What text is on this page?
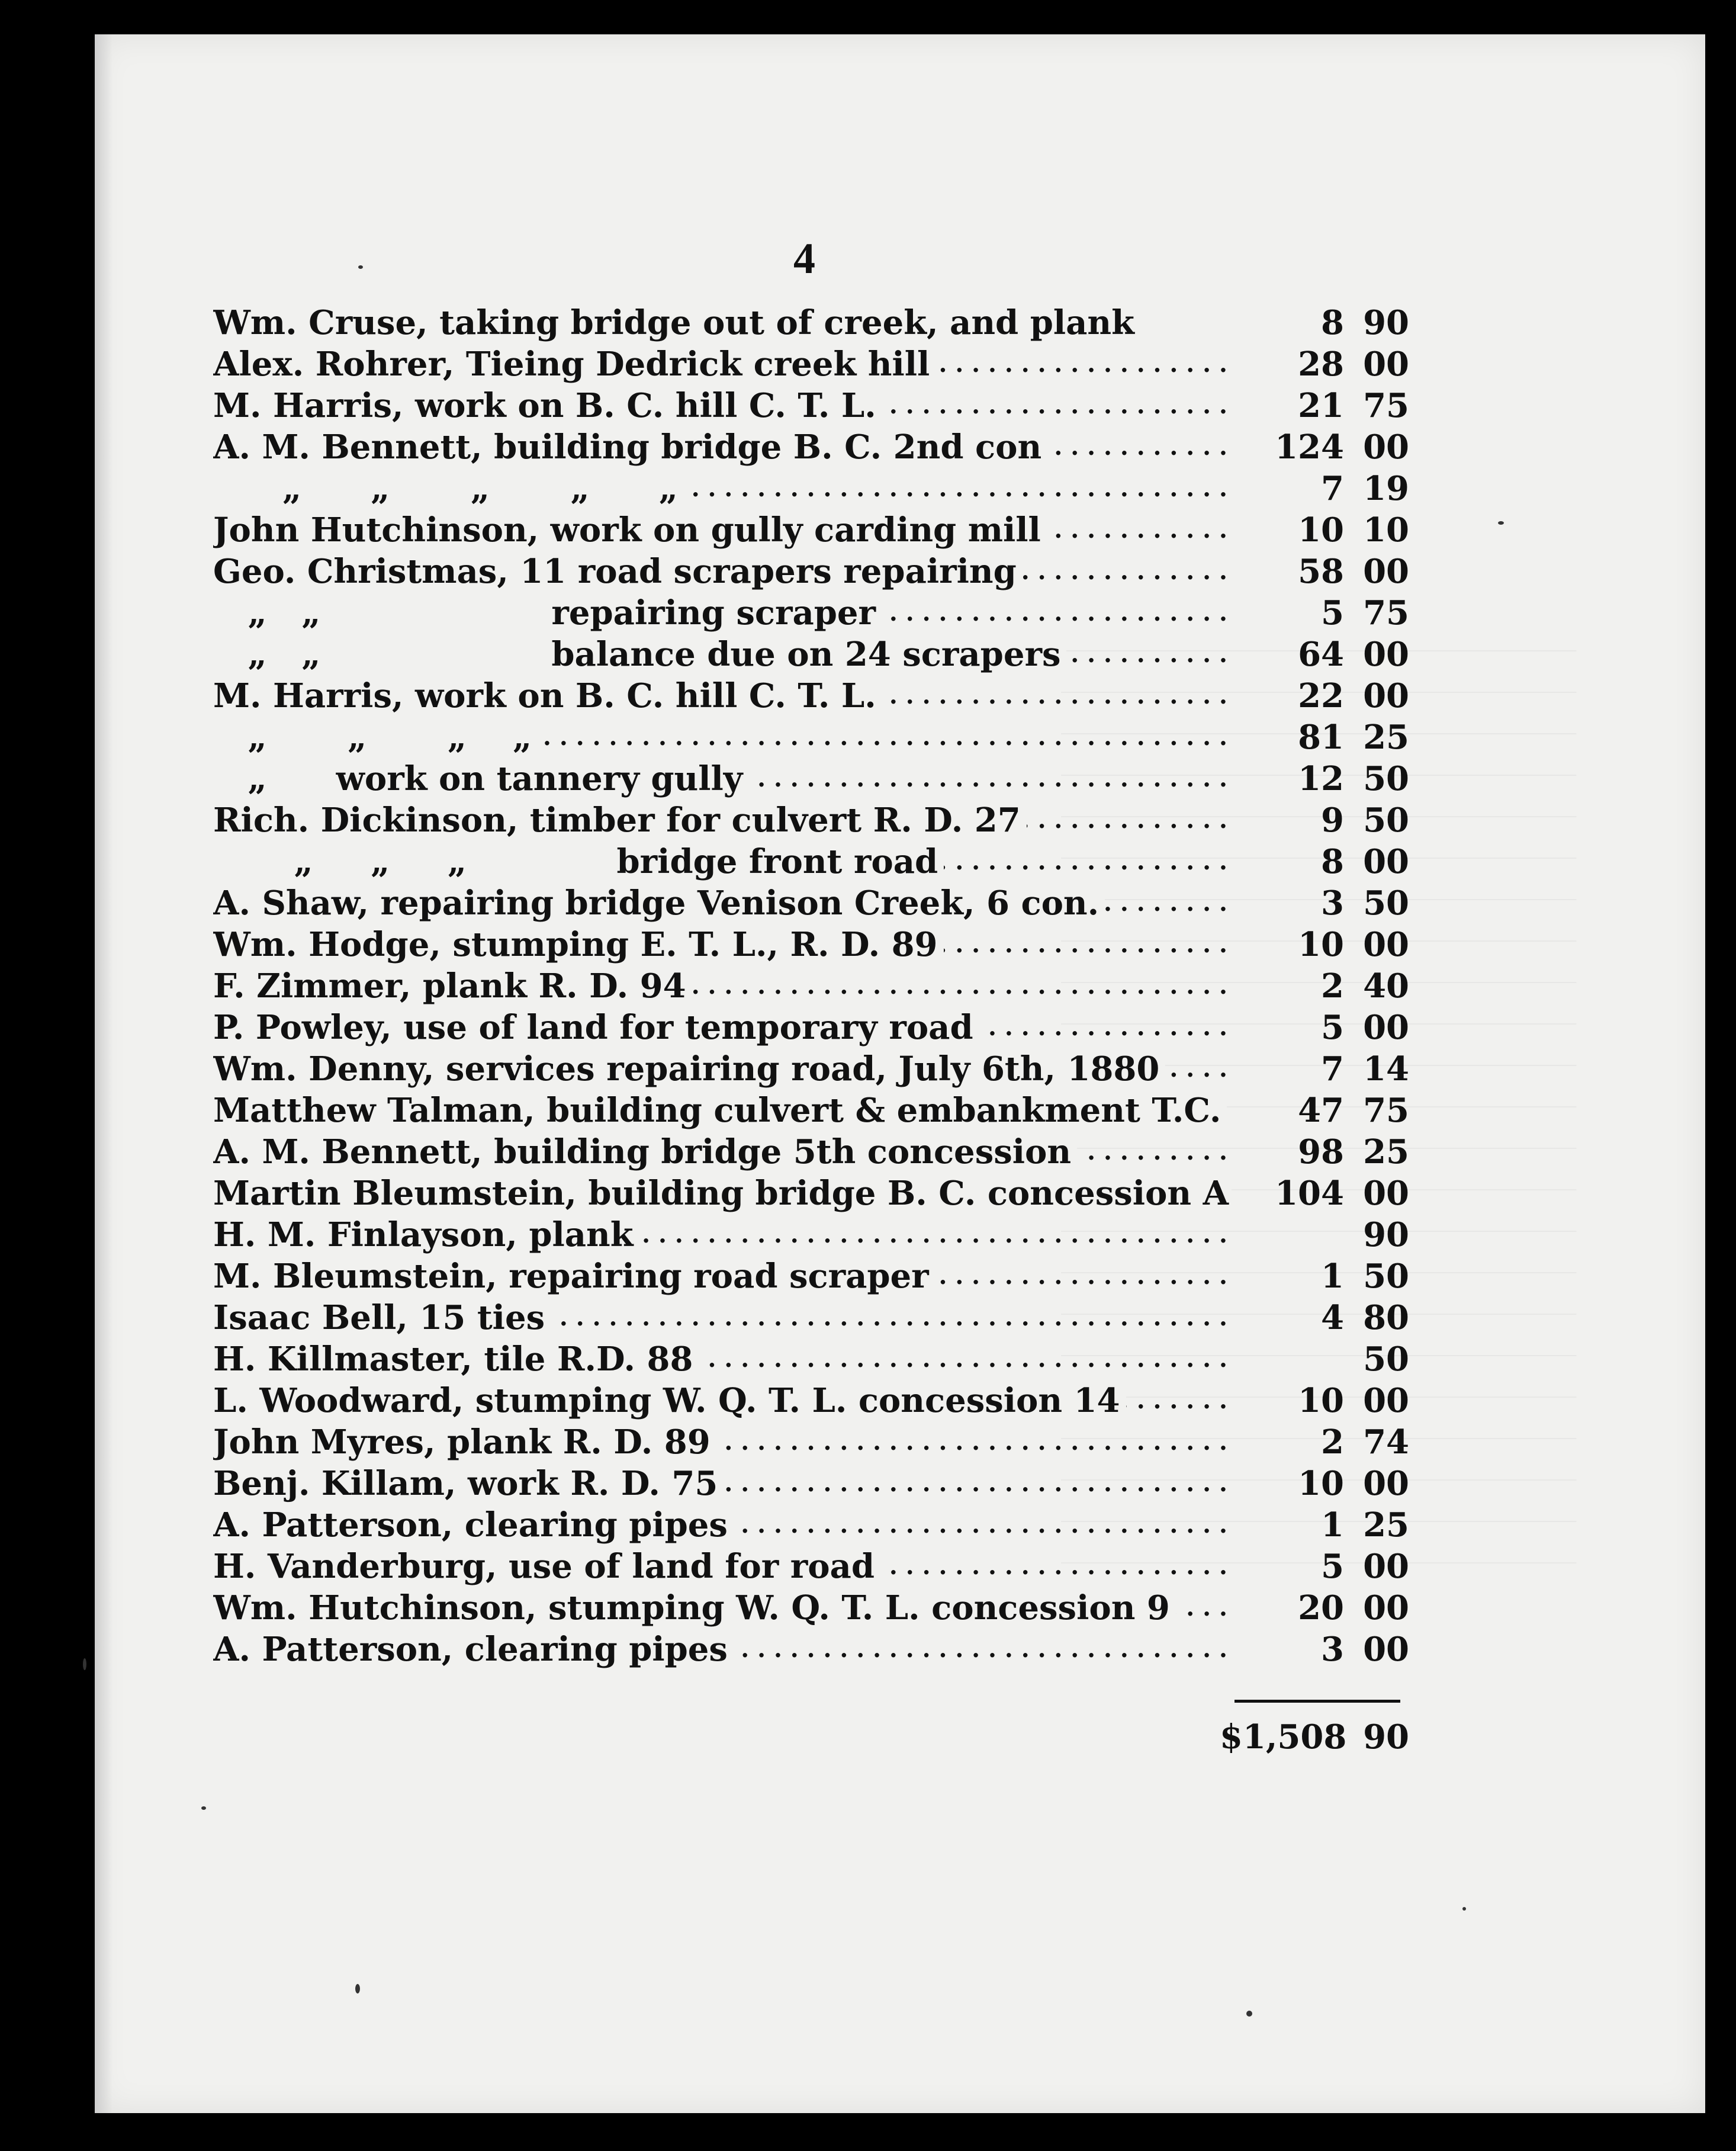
4
Wm. Cruse, taking bridge out of creek, and plank	8 90
Alex. Rohrer, Tieing Dedrick creek hill . . .	28 00
M. Harris, work on B. C. hill C. T. L. . . .	21 75
A. M. Bennett, building bridge B. C. 2nd con . . .	124 00
„      „       „       „      „ . . .	7 19
John Hutchinson, work on gully carding mill . . .	10 10
Geo. Christmas, 11 road scrapers repairing . . .	58 00
„   „                    repairing scraper . . .	5 75
„   „                    balance due on 24 scrapers . . .	64 00
M. Harris, work on B. C. hill C. T. L. . . .	22 00
„       „       „    „ . . .	81 25
„      work on tannery gully . . .	12 50
Rich. Dickinson, timber for culvert R. D. 27 . . .	9 50
„     „     „             bridge front road . . .	8 00
A. Shaw, repairing bridge Venison Creek, 6 con. . . .	3 50
Wm. Hodge, stumping E. T. L., R. D. 89 . . .	10 00
F. Zimmer, plank R. D. 94 . . .	2 40
P. Powley, use of land for temporary road . . .	5 00
Wm. Denny, services repairing road, July 6th, 1880 . . .	7 14
Matthew Talman, building culvert & embankment T.C.	47 75
A. M. Bennett, building bridge 5th concession . . .	98 25
Martin Bleumstein, building bridge B. C. concession A	104 00
H. M. Finlayson, plank . . .	90
M. Bleumstein, repairing road scraper . . .	1 50
Isaac Bell, 15 ties . . .	4 80
H. Killmaster, tile R.D. 88 . . .	50
L. Woodward, stumping W. Q. T. L. concession 14 . . .	10 00
John Myres, plank R. D. 89 . . .	2 74
Benj. Killam, work R. D. 75 . . .	10 00
A. Patterson, clearing pipes . . .	1 25
H. Vanderburg, use of land for road . . .	5 00
Wm. Hutchinson, stumping W. Q. T. L. concession 9 . . .	20 00
A. Patterson, clearing pipes . . .	3 00
$1,508 90
